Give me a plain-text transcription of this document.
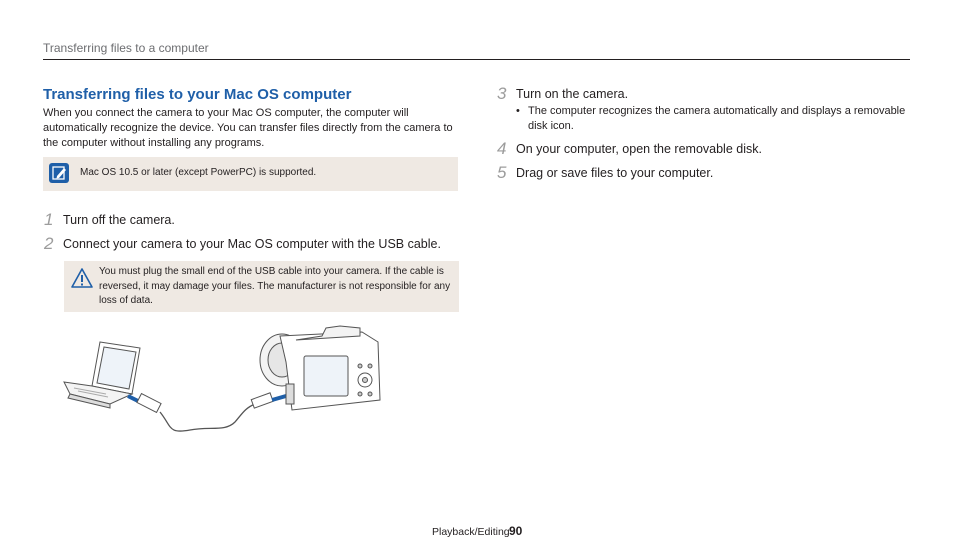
Transferring files to a computer
Transferring files to your Mac OS computer
When you connect the camera to your Mac OS computer, the computer will automatically recognize the device. You can transfer files directly from the camera to the computer without installing any programs.
Mac OS 10.5 or later (except PowerPC) is supported.
1 Turn off the camera.
2 Connect your camera to your Mac OS computer with the USB cable.
You must plug the small end of the USB cable into your camera. If the cable is reversed, it may damage your files. The manufacturer is not responsible for any loss of data.
3 Turn on the camera.
• The computer recognizes the camera automatically and displays a removable disk icon.
4 On your computer, open the removable disk.
5 Drag or save files to your computer.
Playback/Editing 90
